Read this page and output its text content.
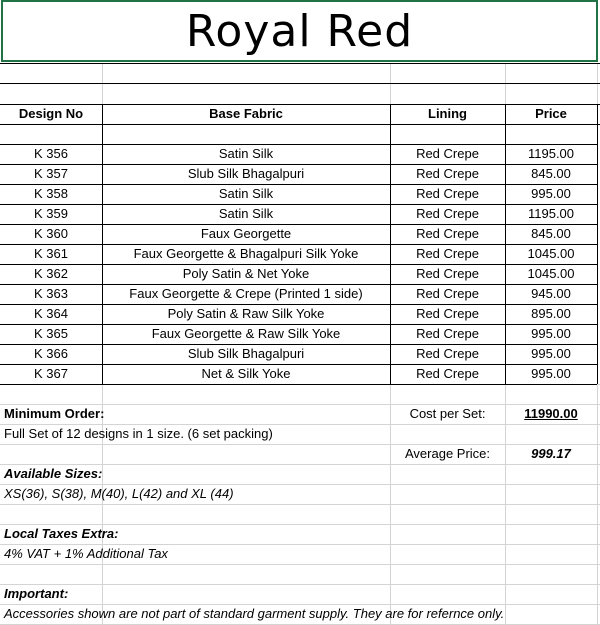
Royal Red
Design No	Base Fabric	Lining	Price
K 356	Satin Silk	Red Crepe	1195.00
K 357	Slub Silk Bhagalpuri	Red Crepe	845.00
K 358	Satin Silk	Red Crepe	995.00
K 359	Satin Silk	Red Crepe	1195.00
K 360	Faux Georgette	Red Crepe	845.00
K 361	Faux Georgette & Bhagalpuri Silk Yoke	Red Crepe	1045.00
K 362	Poly Satin & Net Yoke	Red Crepe	1045.00
K 363	Faux Georgette & Crepe (Printed 1 side)	Red Crepe	945.00
K 364	Poly Satin & Raw Silk Yoke	Red Crepe	895.00
K 365	Faux Georgette & Raw Silk Yoke	Red Crepe	995.00
K 366	Slub Silk Bhagalpuri	Red Crepe	995.00
K 367	Net & Silk Yoke	Red Crepe	995.00
Minimum Order:
Full Set of 12 designs in 1 size. (6 set packing)
Cost per Set:	11990.00
Average Price:	999.17
Available Sizes:
XS(36), S(38), M(40), L(42) and XL (44)
Local Taxes Extra:
4% VAT + 1% Additional Tax
Important:
Accessories shown are not part of standard garment supply. They are for refernce only.
